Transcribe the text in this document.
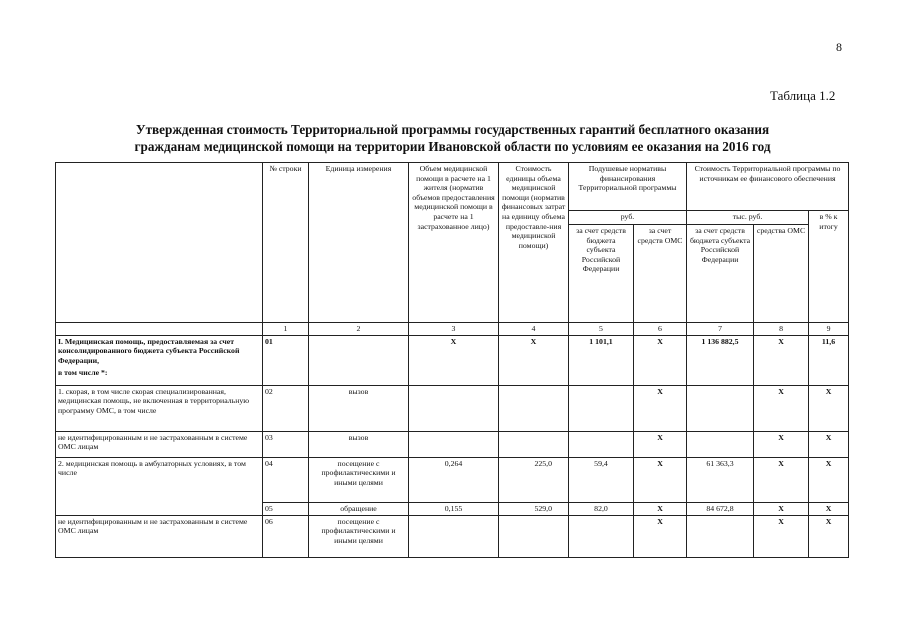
8
Таблица 1.2
Утвержденная стоимость Территориальной программы государственных гарантий бесплатного оказания
гражданам медицинской помощи на территории Ивановской области по условиям ее оказания на 2016 год
	№ строки	Единица измерения	Объем медицинской помощи в расчете на 1 жителя (норматив объемов предоставления медицинской помощи в расчете на 1 застрахованное лицо)	Стоимость единицы объема медицинской помощи (норматив финансовых затрат на единицу объема предоставле-ния медицинской помощи)	Подушевые нормативы финансирования Территориальной программы		Стоимость Территориальной программы по источникам ее финансового обеспечения		
					руб.		тыс. руб.		в % к итогу
					за счет средств бюджета субъекта Российской Федерации	за счет средств ОМС	за счет средств бюджета субъекта Российской Федерации	средства ОМС	
	1	2	3	4	5	6	7	8	9

I. Медицинская помощь, предоставляемая за счет консолидированного бюджета субъекта Российской Федерации,
в том числе *:	01		X	X	1 101,1	X	1 136 882,5	X	11,6
1. скорая, в том числе скорая специализированная, медицинская помощь, не включенная в территориальную программу ОМС, в том числе	02	вызов				X		X	X
не идентифицированным и не застрахованным в системе ОМС лицам	03	вызов				X		X	X
2. медицинская помощь в амбулаторных условиях, в том числе	04	посещение с профилактическими и иными целями	0,264	225,0	59,4	X	61 363,3	X	X
	05	обращение	0,155	529,0	82,0	X	84 672,8	X	X
не идентифицированным и не застрахованным в системе ОМС лицам	06	посещение с профилактическими и иными целями				X		X	X
